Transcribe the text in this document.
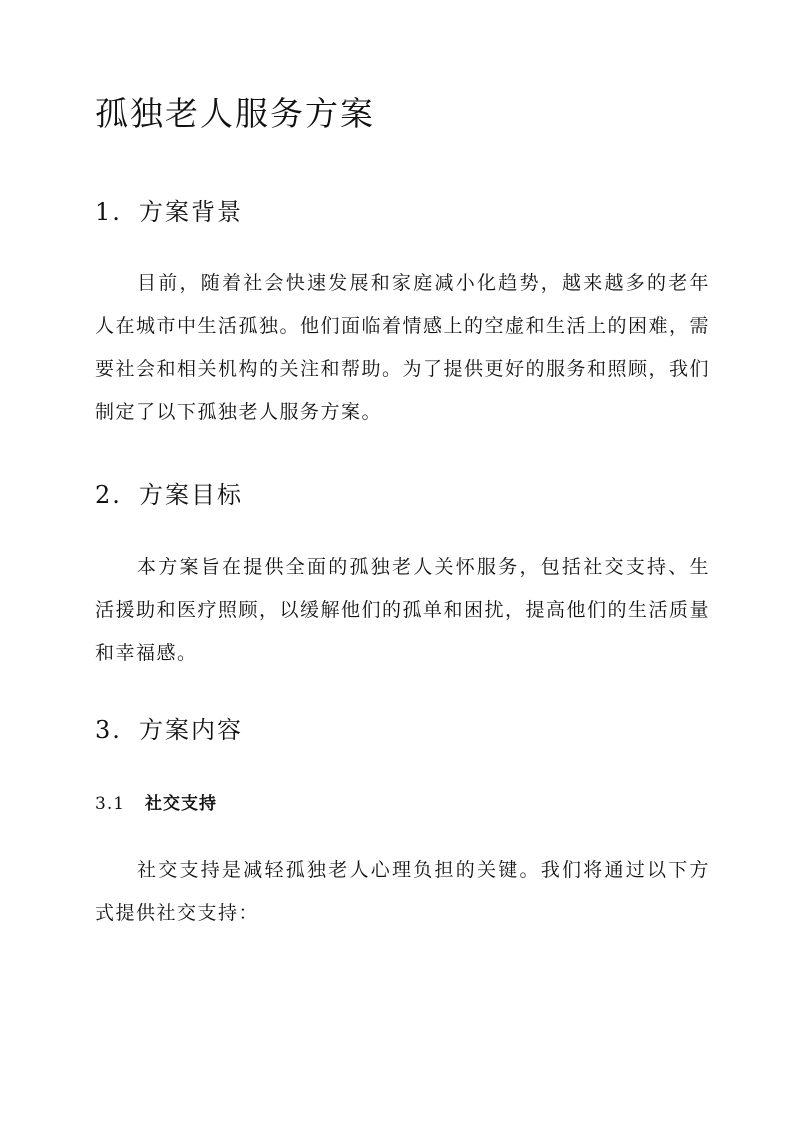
孤独老人服务方案
1. 方案背景

目前，随着社会快速发展和家庭减小化趋势，越来越多的老年人在城市中生活孤独。他们面临着情感上的空虚和生活上的困难，需要社会和相关机构的关注和帮助。为了提供更好的服务和照顾，我们制定了以下孤独老人服务方案。

2. 方案目标

本方案旨在提供全面的孤独老人关怀服务，包括社交支持、生活援助和医疗照顾，以缓解他们的孤单和困扰，提高他们的生活质量和幸福感。

3. 方案内容
3.1 社交支持

社交支持是减轻孤独老人心理负担的关键。我们将通过以下方式提供社交支持：
